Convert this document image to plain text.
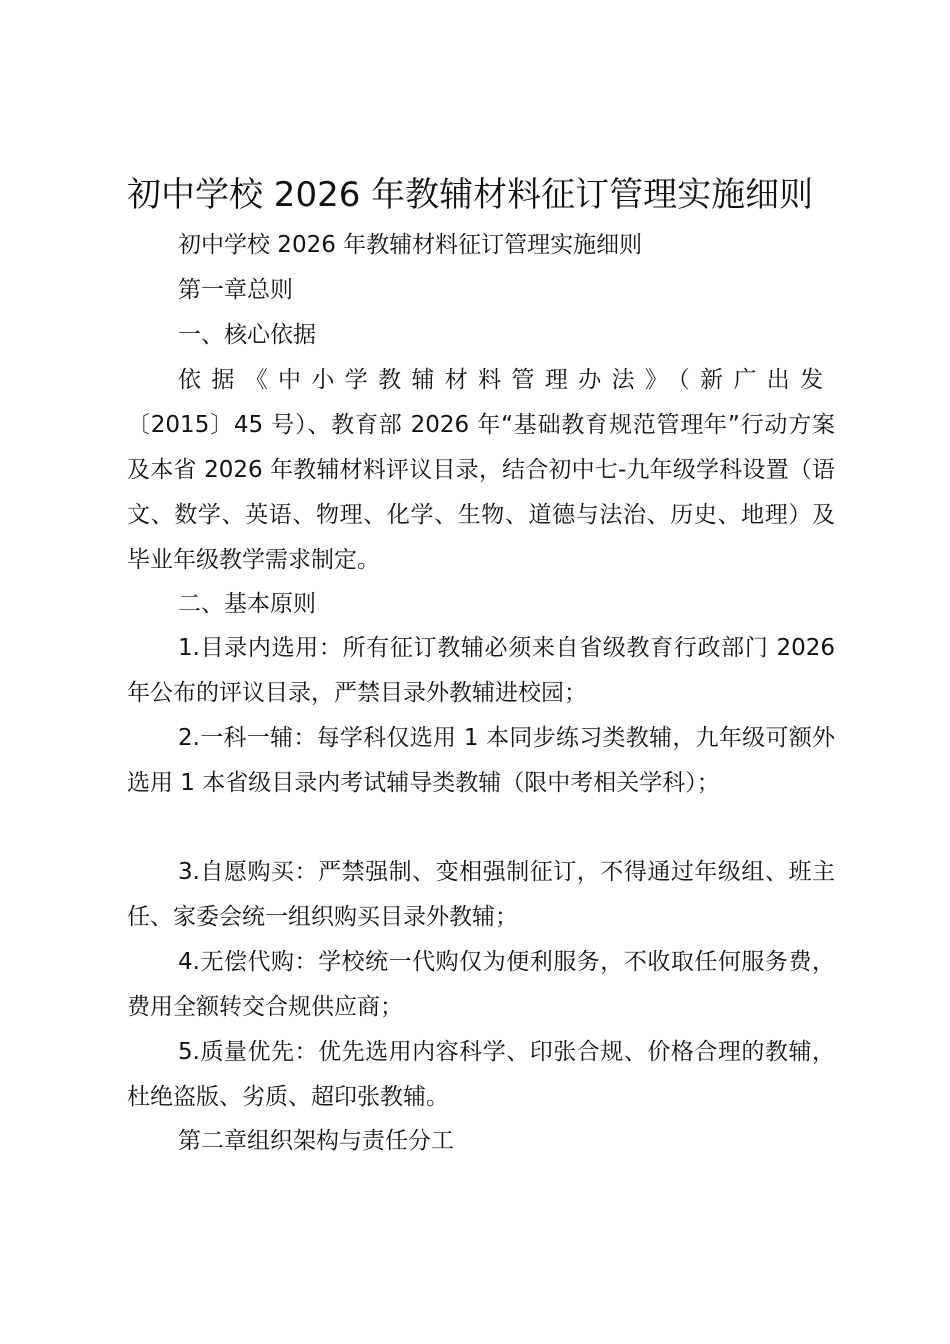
初中学校 2026 年教辅材料征订管理实施细则

初中学校 2026 年教辅材料征订管理实施细则

第一章总则

一、核心依据

依据《中小学教辅材料管理办法》（新广出发

〔2015〕45 号）、教育部 2026 年“基础教育规范管理年”行动方案及本省 2026 年教辅材料评议目录，结合初中七-九年级学科设置（语文、数学、英语、物理、化学、生物、道德与法治、历史、地理）及毕业年级教学需求制定。

二、基本原则

1.目录内选用：所有征订教辅必须来自省级教育行政部门 2026 年公布的评议目录，严禁目录外教辅进校园；

2.一科一辅：每学科仅选用 1 本同步练习类教辅，九年级可额外选用 1 本省级目录内考试辅导类教辅（限中考相关学科）；

3.自愿购买：严禁强制、变相强制征订，不得通过年级组、班主任、家委会统一组织购买目录外教辅；

4.无偿代购：学校统一代购仅为便利服务，不收取任何服务费，费用全额转交合规供应商；

5.质量优先：优先选用内容科学、印张合规、价格合理的教辅，杜绝盗版、劣质、超印张教辅。

第二章组织架构与责任分工
